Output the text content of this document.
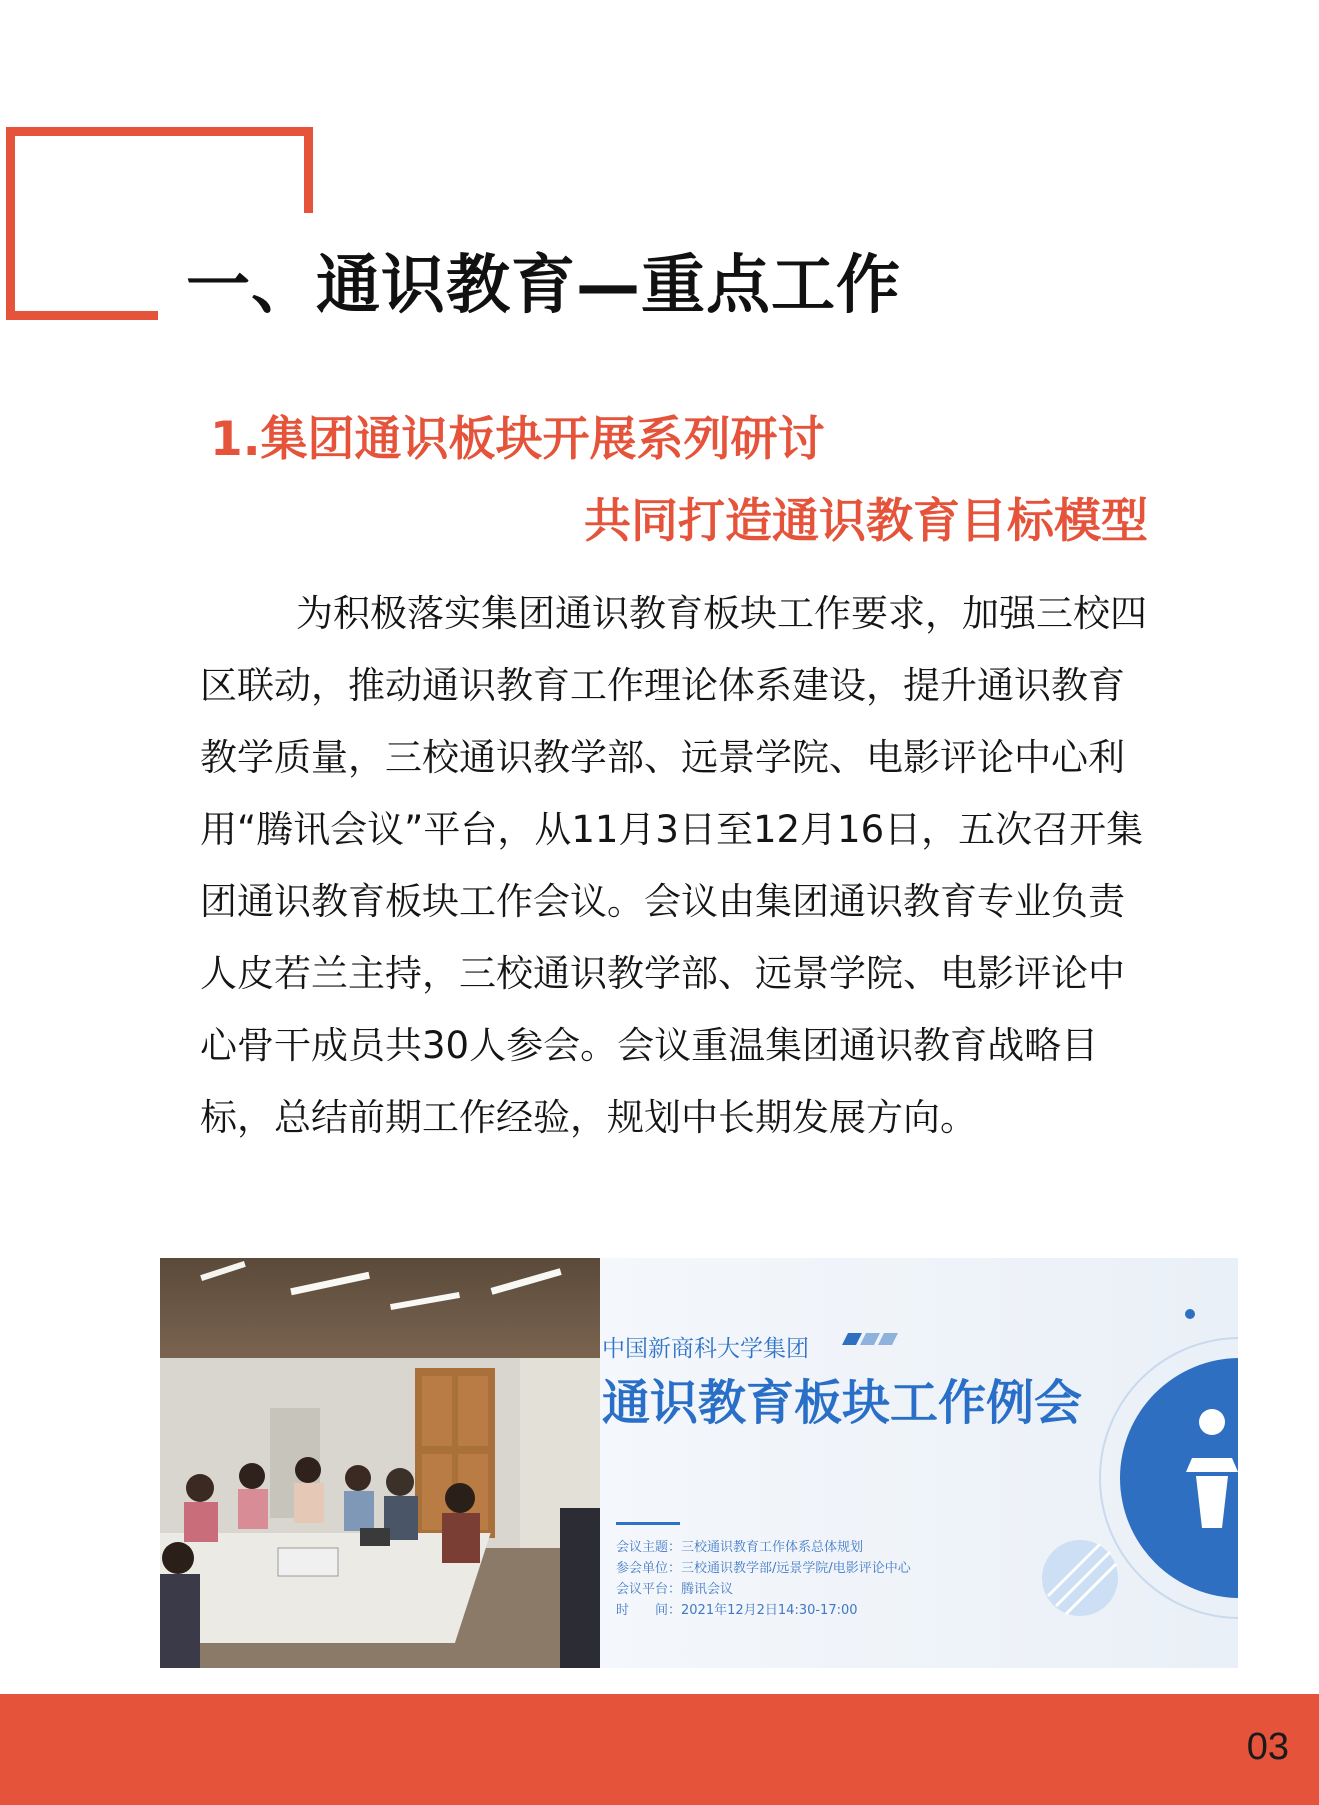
一、通识教育—重点工作
1.集团通识板块开展系列研讨
共同打造通识教育目标模型

为积极落实集团通识教育板块工作要求，加强三校四区联动，推动通识教育工作理论体系建设，提升通识教育教学质量，三校通识教学部、远景学院、电影评论中心利用“腾讯会议”平台，从11月3日至12月16日，五次召开集团通识教育板块工作会议。会议由集团通识教育专业负责人皮若兰主持，三校通识教学部、远景学院、电影评论中心骨干成员共30人参会。会议重温集团通识教育战略目标，总结前期工作经验，规划中长期发展方向。

中国新商科大学集团
通识教育板块工作例会
会议主题：三校通识教育工作体系总体规划
参会单位：三校通识教学部/远景学院/电影评论中心
会议平台：腾讯会议
时　　间：2021年12月2日14:30-17:00
03
